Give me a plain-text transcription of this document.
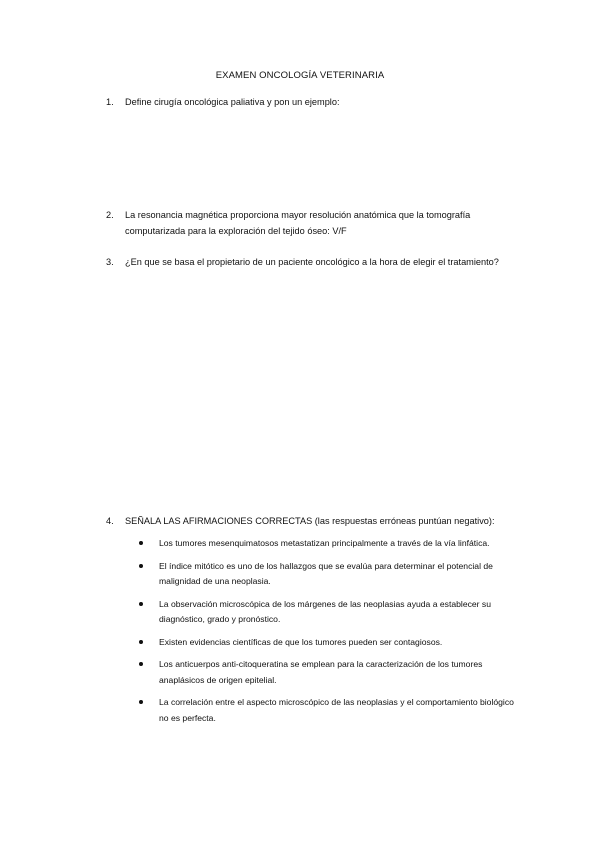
EXAMEN ONCOLOGÍA VETERINARIA
1.	Define cirugía oncológica paliativa y pon un ejemplo:
2.	La resonancia magnética proporciona mayor resolución anatómica que la tomografía computarizada para la exploración del tejido óseo: V/F
3.	¿En que se basa el propietario de un paciente oncológico a la hora de elegir el tratamiento?
4.	SEÑALA LAS AFIRMACIONES CORRECTAS (las respuestas erróneas puntúan negativo):
Los tumores mesenquimatosos metastatizan principalmente a través de la vía linfática.
El índice mitótico es uno de los hallazgos que se evalúa para determinar el potencial de malignidad de una neoplasia.
La observación microscópica de los márgenes de las neoplasias ayuda a establecer su diagnóstico, grado y pronóstico.
Existen evidencias científicas de que los tumores pueden ser contagiosos.
Los anticuerpos anti-citoqueratina se emplean para la caracterización de los tumores anaplásicos de origen epitelial.
La correlación entre el aspecto microscópico de las neoplasias y el comportamiento biológico no es perfecta.
